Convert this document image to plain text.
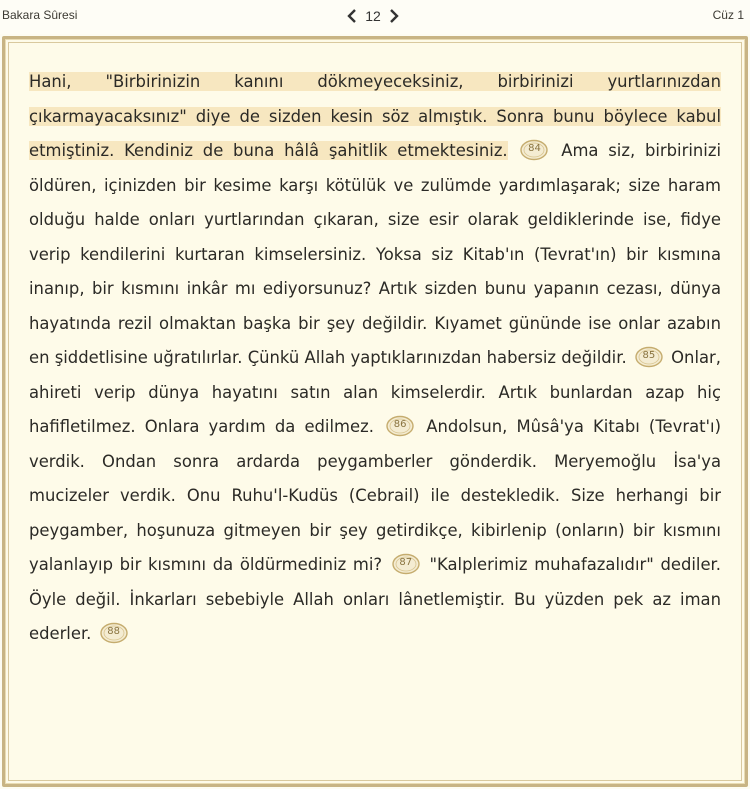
Bakara Sûresi	12	Cüz 1
Hani, "Birbirinizin kanını dökmeyeceksiniz, birbirinizi yurtlarınızdan çıkarmayacaksınız" diye de sizden kesin söz almıştık. Sonra bunu böylece kabul etmiştiniz. Kendiniz de buna hâlâ şahitlik etmektesiniz. 84 Ama siz, birbirinizi öldüren, içinizden bir kesime karşı kötülük ve zulümde yardımlaşarak; size haram olduğu halde onları yurtlarından çıkaran, size esir olarak geldiklerinde ise, fidye verip kendilerini kurtaran kimselersiniz. Yoksa siz Kitab'ın (Tevrat'ın) bir kısmına inanıp, bir kısmını inkâr mı ediyorsunuz? Artık sizden bunu yapanın cezası, dünya hayatında rezil olmaktan başka bir şey değildir. Kıyamet gününde ise onlar azabın en şiddetlisine uğratılırlar. Çünkü Allah yaptıklarınızdan habersiz değildir. 85 Onlar, ahireti verip dünya hayatını satın alan kimselerdir. Artık bunlardan azap hiç hafifletilmez. Onlara yardım da edilmez. 86 Andolsun, Mûsâ'ya Kitabı (Tevrat'ı) verdik. Ondan sonra ardarda peygamberler gönderdik. Meryemoğlu İsa'ya mucizeler verdik. Onu Ruhu'l-Kudüs (Cebrail) ile destekledik. Size herhangi bir peygamber, hoşunuza gitmeyen bir şey getirdikçe, kibirlenip (onların) bir kısmını yalanlayıp bir kısmını da öldürmediniz mi? 87 "Kalplerimiz muhafazalıdır" dediler. Öyle değil. İnkarları sebebiyle Allah onları lânetlemiştir. Bu yüzden pek az iman ederler. 88
